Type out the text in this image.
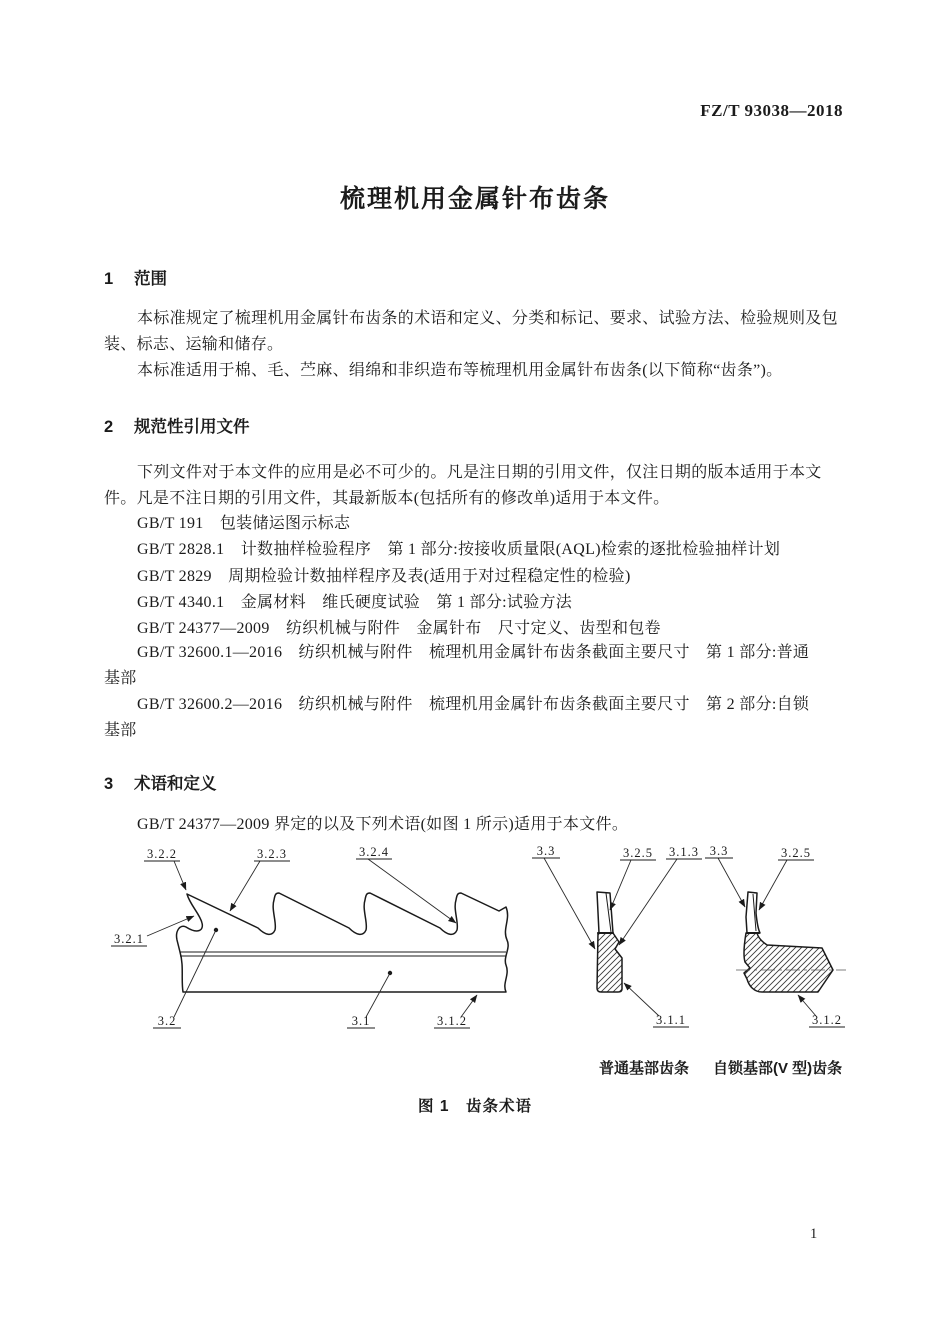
FZ/T 93038—2018
梳理机用金属针布齿条
1 范围
本标准规定了梳理机用金属针布齿条的术语和定义、分类和标记、要求、试验方法、检验规则及包
装、标志、运输和储存。
本标准适用于棉、毛、苎麻、绢绵和非织造布等梳理机用金属针布齿条(以下简称“齿条”)。
2 规范性引用文件
下列文件对于本文件的应用是必不可少的。凡是注日期的引用文件，仅注日期的版本适用于本文
件。凡是不注日期的引用文件，其最新版本(包括所有的修改单)适用于本文件。
GB/T 191　包装储运图示标志
GB/T 2828.1　计数抽样检验程序　第 1 部分:按接收质量限(AQL)检索的逐批检验抽样计划
GB/T 2829　周期检验计数抽样程序及表(适用于对过程稳定性的检验)
GB/T 4340.1　金属材料　维氏硬度试验　第 1 部分:试验方法
GB/T 24377—2009　纺织机械与附件　金属针布　尺寸定义、齿型和包卷
GB/T 32600.1—2016　纺织机械与附件　梳理机用金属针布齿条截面主要尺寸　第 1 部分:普通
基部
GB/T 32600.2—2016　纺织机械与附件　梳理机用金属针布齿条截面主要尺寸　第 2 部分:自锁
基部
3 术语和定义
GB/T 24377—2009 界定的以及下列术语(如图 1 所示)适用于本文件。
3.2.2	3.2.3	3.2.4
3.2.1
3.2	3.1	3.1.2
3.3	3.2.5 3.1.3
3.1.1
3.3	3.2.5
3.1.2
普通基部齿条 自锁基部(V 型)齿条
图 1　齿条术语
1
